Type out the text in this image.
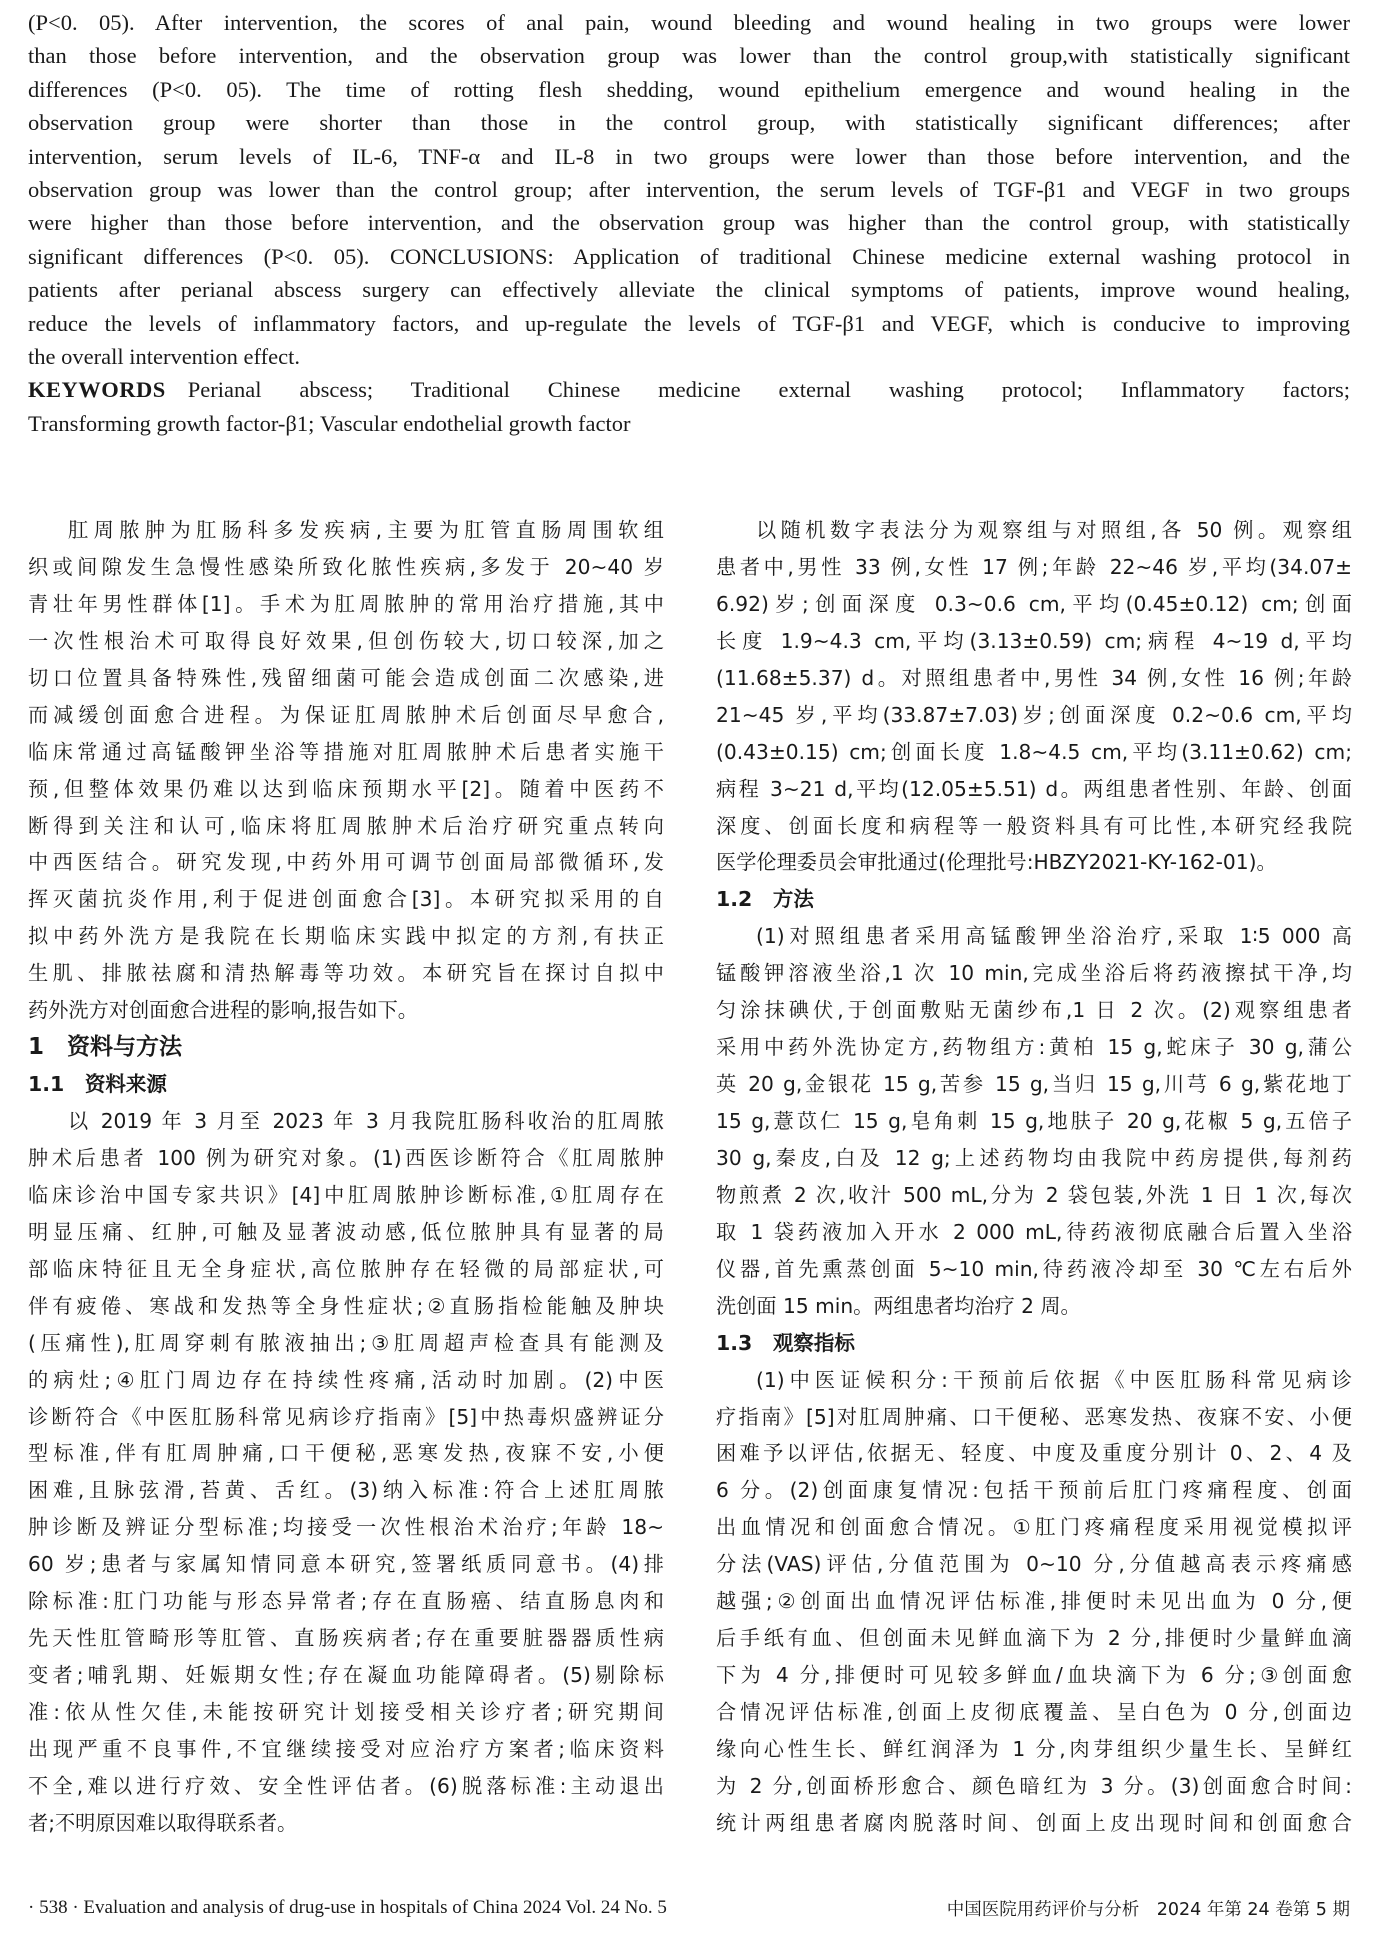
(P<0. 05). After intervention, the scores of anal pain, wound bleeding and wound healing in two groups were lower
than those before intervention, and the observation group was lower than the control group,with statistically significant
differences (P<0. 05). The time of rotting flesh shedding, wound epithelium emergence and wound healing in the
observation group were shorter than those in the control group, with statistically significant differences; after
intervention, serum levels of IL-6, TNF-α and IL-8 in two groups were lower than those before intervention, and the
observation group was lower than the control group; after intervention, the serum levels of TGF-β1 and VEGF in two groups
were higher than those before intervention, and the observation group was higher than the control group, with statistically
significant differences (P<0. 05). CONCLUSIONS: Application of traditional Chinese medicine external washing protocol in
patients after perianal abscess surgery can effectively alleviate the clinical symptoms of patients, improve wound healing,
reduce the levels of inflammatory factors, and up-regulate the levels of TGF-β1 and VEGF, which is conducive to improving
the overall intervention effect.
KEYWORDS Perianal abscess; Traditional Chinese medicine external washing protocol; Inflammatory factors;
Transforming growth factor-β1; Vascular endothelial growth factor
肛周脓肿为肛肠科多发疾病,主要为肛管直肠周围软组
织或间隙发生急慢性感染所致化脓性疾病,多发于 20~40 岁
青壮年男性群体[1]。手术为肛周脓肿的常用治疗措施,其中
一次性根治术可取得良好效果,但创伤较大,切口较深,加之
切口位置具备特殊性,残留细菌可能会造成创面二次感染,进
而减缓创面愈合进程。为保证肛周脓肿术后创面尽早愈合,
临床常通过高锰酸钾坐浴等措施对肛周脓肿术后患者实施干
预,但整体效果仍难以达到临床预期水平[2]。随着中医药不
断得到关注和认可,临床将肛周脓肿术后治疗研究重点转向
中西医结合。研究发现,中药外用可调节创面局部微循环,发
挥灭菌抗炎作用,利于促进创面愈合[3]。本研究拟采用的自
拟中药外洗方是我院在长期临床实践中拟定的方剂,有扶正
生肌、排脓祛腐和清热解毒等功效。本研究旨在探讨自拟中
药外洗方对创面愈合进程的影响,报告如下。
1　资料与方法
1.1　资料来源
以 2019 年 3 月至 2023 年 3 月我院肛肠科收治的肛周脓
肿术后患者 100 例为研究对象。(1)西医诊断符合《肛周脓肿
临床诊治中国专家共识》[4]中肛周脓肿诊断标准,①肛周存在
明显压痛、红肿,可触及显著波动感,低位脓肿具有显著的局
部临床特征且无全身症状,高位脓肿存在轻微的局部症状,可
伴有疲倦、寒战和发热等全身性症状;②直肠指检能触及肿块
(压痛性),肛周穿刺有脓液抽出;③肛周超声检查具有能测及
的病灶;④肛门周边存在持续性疼痛,活动时加剧。(2)中医
诊断符合《中医肛肠科常见病诊疗指南》[5]中热毒炽盛辨证分
型标准,伴有肛周肿痛,口干便秘,恶寒发热,夜寐不安,小便
困难,且脉弦滑,苔黄、舌红。(3)纳入标准:符合上述肛周脓
肿诊断及辨证分型标准;均接受一次性根治术治疗;年龄 18~
60 岁;患者与家属知情同意本研究,签署纸质同意书。(4)排
除标准:肛门功能与形态异常者;存在直肠癌、结直肠息肉和
先天性肛管畸形等肛管、直肠疾病者;存在重要脏器器质性病
变者;哺乳期、妊娠期女性;存在凝血功能障碍者。(5)剔除标
准:依从性欠佳,未能按研究计划接受相关诊疗者;研究期间
出现严重不良事件,不宜继续接受对应治疗方案者;临床资料
不全,难以进行疗效、安全性评估者。(6)脱落标准:主动退出
者;不明原因难以取得联系者。
以随机数字表法分为观察组与对照组,各 50 例。观察组
患者中,男性 33 例,女性 17 例;年龄 22~46 岁,平均(34.07±
6.92)岁;创面深度 0.3~0.6 cm,平均(0.45±0.12) cm;创面
长度 1.9~4.3 cm,平均(3.13±0.59) cm;病程 4~19 d,平均
(11.68±5.37) d。对照组患者中,男性 34 例,女性 16 例;年龄
21~45 岁,平均(33.87±7.03)岁;创面深度 0.2~0.6 cm,平均
(0.43±0.15) cm;创面长度 1.8~4.5 cm,平均(3.11±0.62) cm;
病程 3~21 d,平均(12.05±5.51) d。两组患者性别、年龄、创面
深度、创面长度和病程等一般资料具有可比性,本研究经我院
医学伦理委员会审批通过(伦理批号:HBZY2021-KY-162-01)。
1.2　方法
(1)对照组患者采用高锰酸钾坐浴治疗,采取 1∶5 000 高
锰酸钾溶液坐浴,1 次 10 min,完成坐浴后将药液擦拭干净,均
匀涂抹碘伏,于创面敷贴无菌纱布,1 日 2 次。(2)观察组患者
采用中药外洗协定方,药物组方:黄柏 15 g,蛇床子 30 g,蒲公
英 20 g,金银花 15 g,苦参 15 g,当归 15 g,川芎 6 g,紫花地丁
15 g,薏苡仁 15 g,皂角刺 15 g,地肤子 20 g,花椒 5 g,五倍子
30 g,秦皮,白及 12 g;上述药物均由我院中药房提供,每剂药
物煎煮 2 次,收汁 500 mL,分为 2 袋包装,外洗 1 日 1 次,每次
取 1 袋药液加入开水 2 000 mL,待药液彻底融合后置入坐浴
仪器,首先熏蒸创面 5~10 min,待药液冷却至 30 ℃左右后外
洗创面 15 min。两组患者均治疗 2 周。
1.3　观察指标
(1)中医证候积分:干预前后依据《中医肛肠科常见病诊
疗指南》[5]对肛周肿痛、口干便秘、恶寒发热、夜寐不安、小便
困难予以评估,依据无、轻度、中度及重度分别计 0、2、4 及
6 分。(2)创面康复情况:包括干预前后肛门疼痛程度、创面
出血情况和创面愈合情况。①肛门疼痛程度采用视觉模拟评
分法(VAS)评估,分值范围为 0~10 分,分值越高表示疼痛感
越强;②创面出血情况评估标准,排便时未见出血为 0 分,便
后手纸有血、但创面未见鲜血滴下为 2 分,排便时少量鲜血滴
下为 4 分,排便时可见较多鲜血/血块滴下为 6 分;③创面愈
合情况评估标准,创面上皮彻底覆盖、呈白色为 0 分,创面边
缘向心性生长、鲜红润泽为 1 分,肉芽组织少量生长、呈鲜红
为 2 分,创面桥形愈合、颜色暗红为 3 分。(3)创面愈合时间:
统计两组患者腐肉脱落时间、创面上皮出现时间和创面愈合
· 538 · Evaluation and analysis of drug-use in hospitals of China 2024 Vol. 24 No. 5	中国医院用药评价与分析　2024 年第 24 卷第 5 期
